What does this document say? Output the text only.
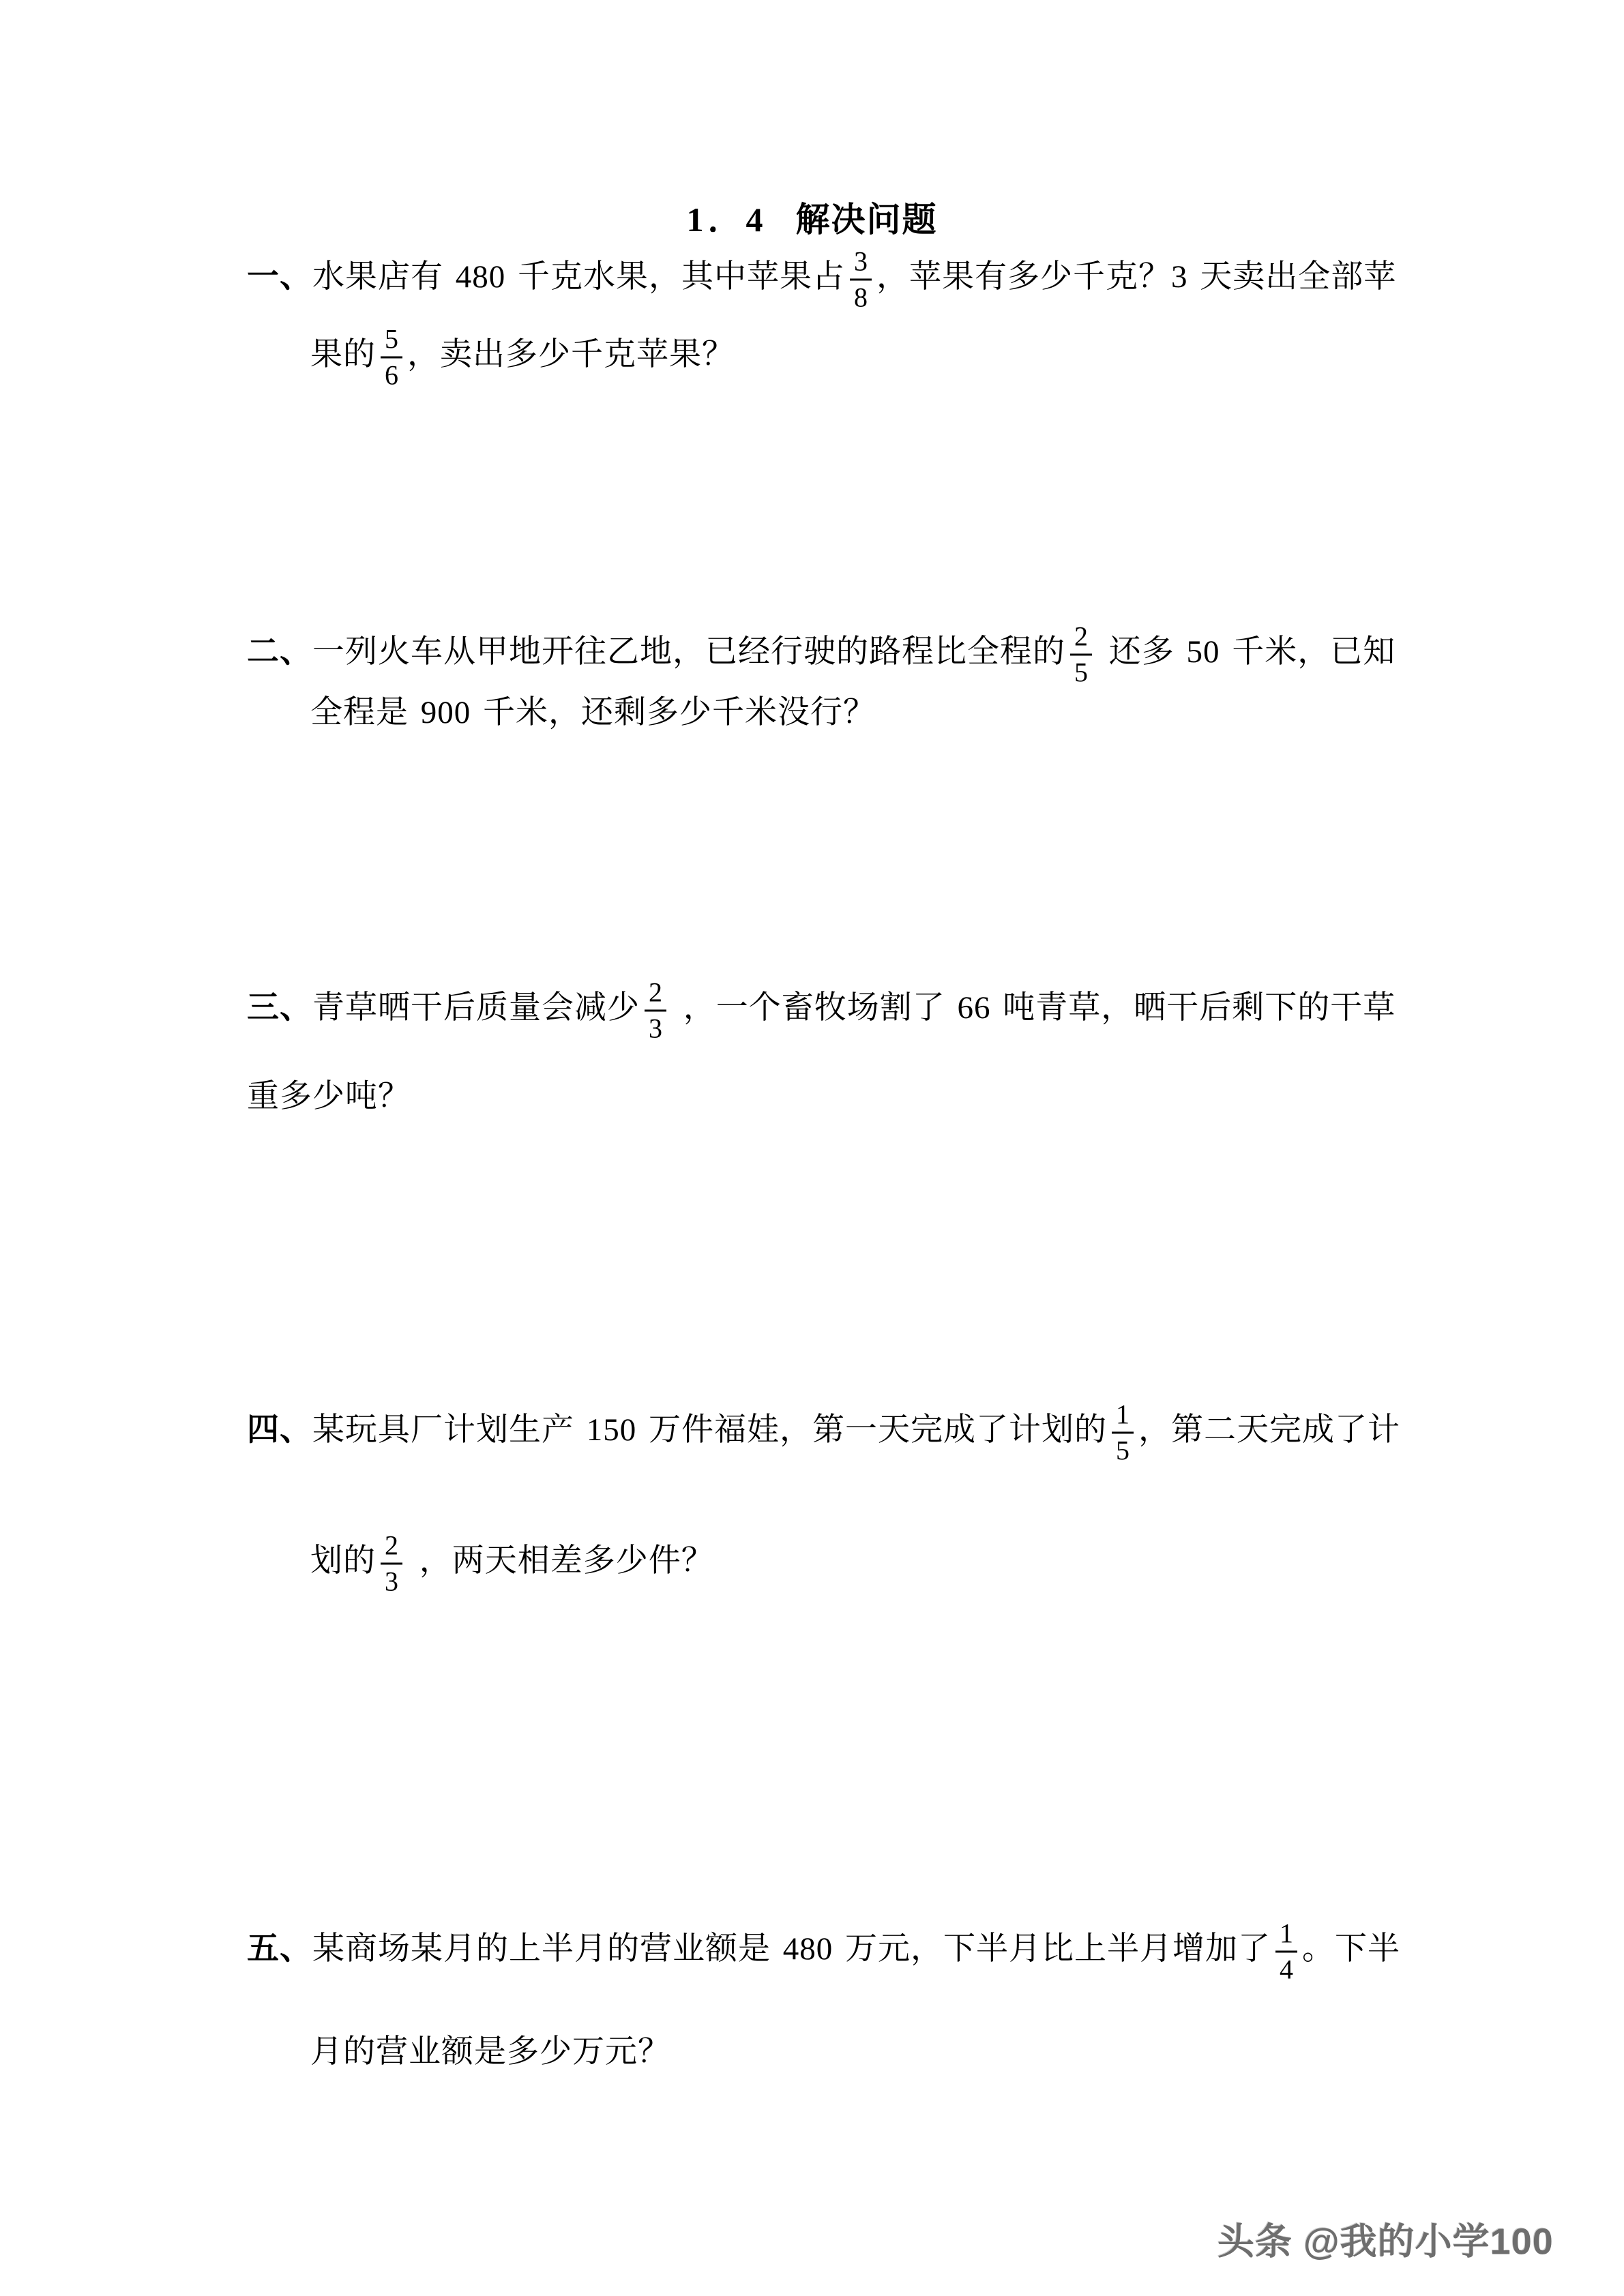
1．4 解决问题
一、水果店有 480 千克水果，其中苹果占 $\frac{3}{8}$ ，苹果有多少千克？3 天卖出全部苹
果的 $\frac{5}{6}$ ，卖出多少千克苹果？
二、一列火车从甲地开往乙地，已经行驶的路程比全程的 $\frac{2}{5}$ 还多 50 千米，已知
全程是 900 千米，还剩多少千米没行？
三、青草晒干后质量会减少 $\frac{2}{3}$ ，一个畜牧场割了 66 吨青草，晒干后剩下的干草
重多少吨？
四、某玩具厂计划生产 150 万件福娃，第一天完成了计划的 $\frac{1}{5}$ ，第二天完成了计
划的 $\frac{2}{3}$ ，两天相差多少件？
五、某商场某月的上半月的营业额是 480 万元，下半月比上半月增加了 $\frac{1}{4}$ 。下半
月的营业额是多少万元？
头条 @我的小学100
